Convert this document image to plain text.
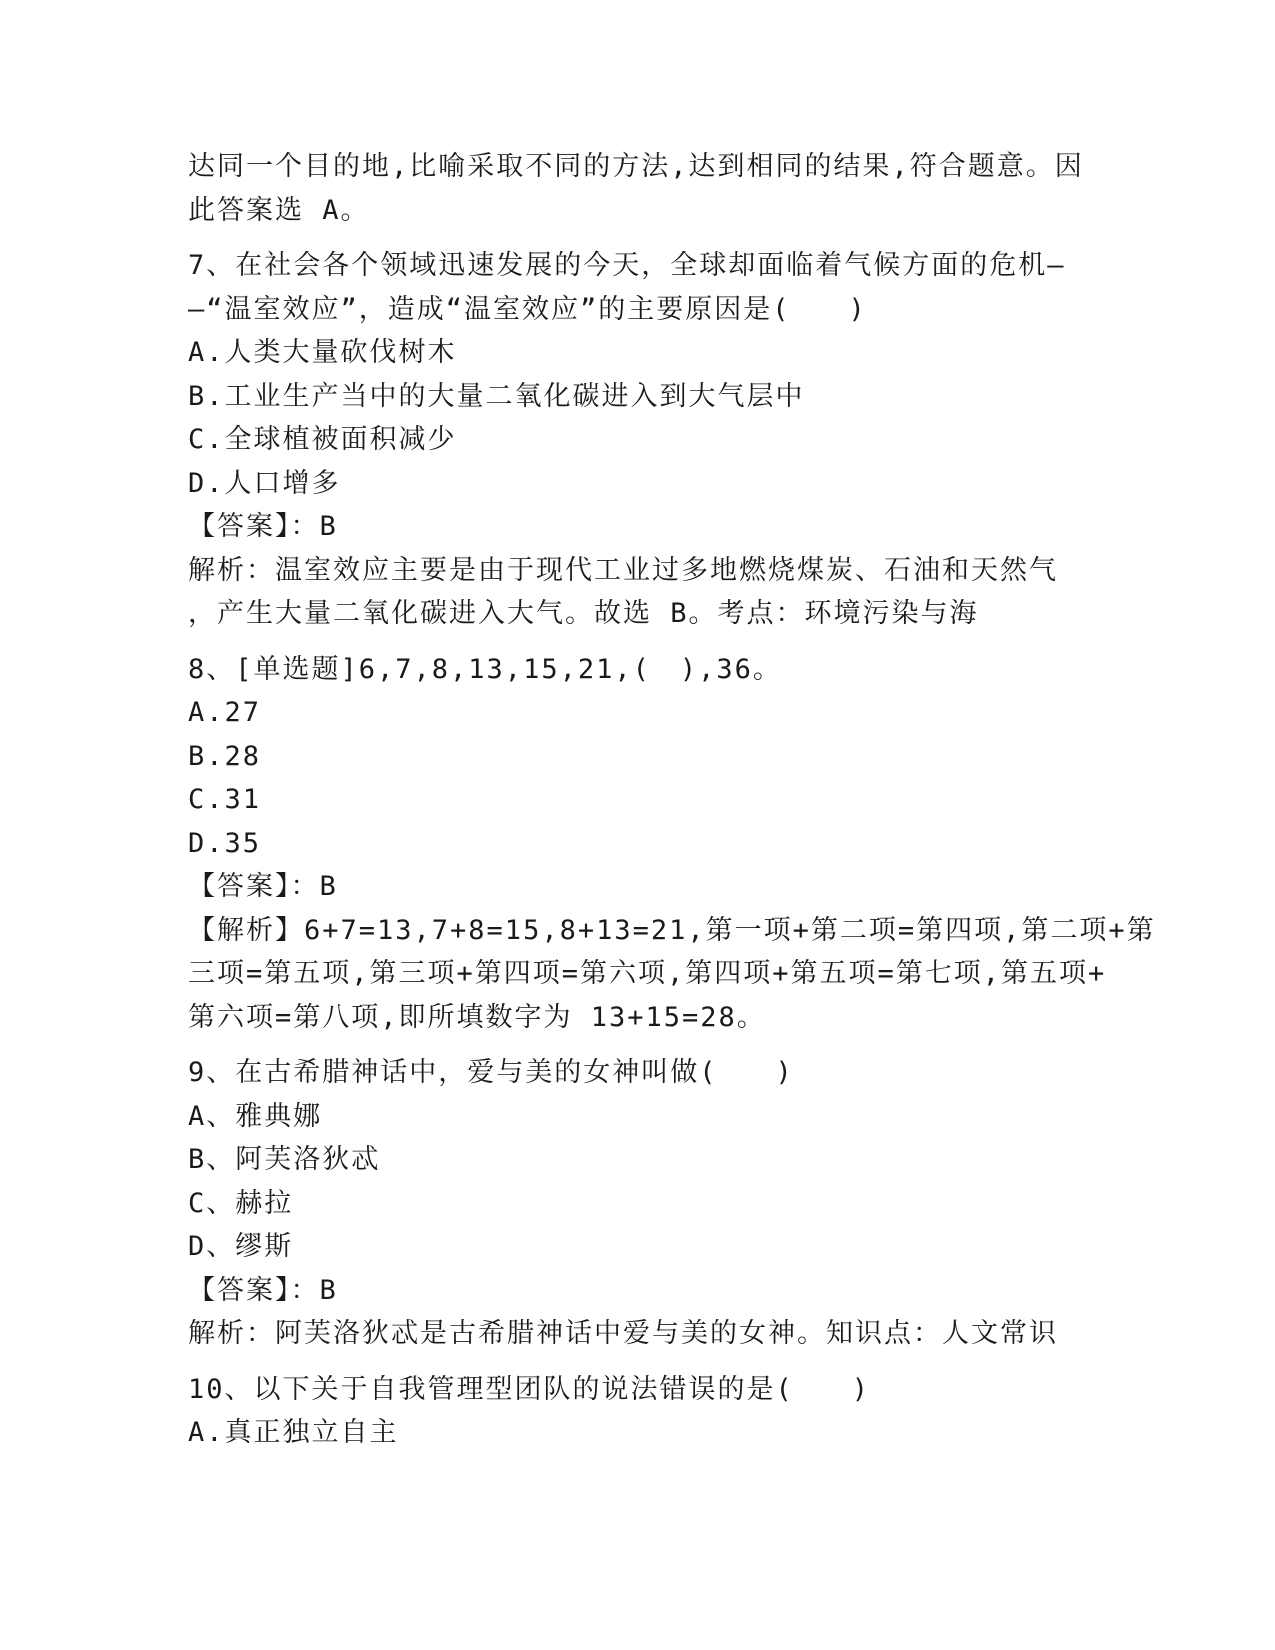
达同一个目的地,比喻采取不同的方法,达到相同的结果,符合题意。因
此答案选 A。
7、在社会各个领域迅速发展的今天，全球却面临着气候方面的危机—
—“温室效应”，造成“温室效应”的主要原因是(　　)
A.人类大量砍伐树木
B.工业生产当中的大量二氧化碳进入到大气层中
C.全球植被面积减少
D.人口增多
【答案】：B
解析：温室效应主要是由于现代工业过多地燃烧煤炭、石油和天然气
，产生大量二氧化碳进入大气。故选 B。考点：环境污染与海
8、[单选题]6,7,8,13,15,21,(　),36。
A.27
B.28
C.31
D.35
【答案】：B
【解析】6+7=13,7+8=15,8+13=21,第一项+第二项=第四项,第二项+第
三项=第五项,第三项+第四项=第六项,第四项+第五项=第七项,第五项+
第六项=第八项,即所填数字为 13+15=28。
9、在古希腊神话中，爱与美的女神叫做(　　)
A、雅典娜
B、阿芙洛狄忒
C、赫拉
D、缪斯
【答案】：B
解析：阿芙洛狄忒是古希腊神话中爱与美的女神。知识点：人文常识
10、以下关于自我管理型团队的说法错误的是(　　)
A.真正独立自主
